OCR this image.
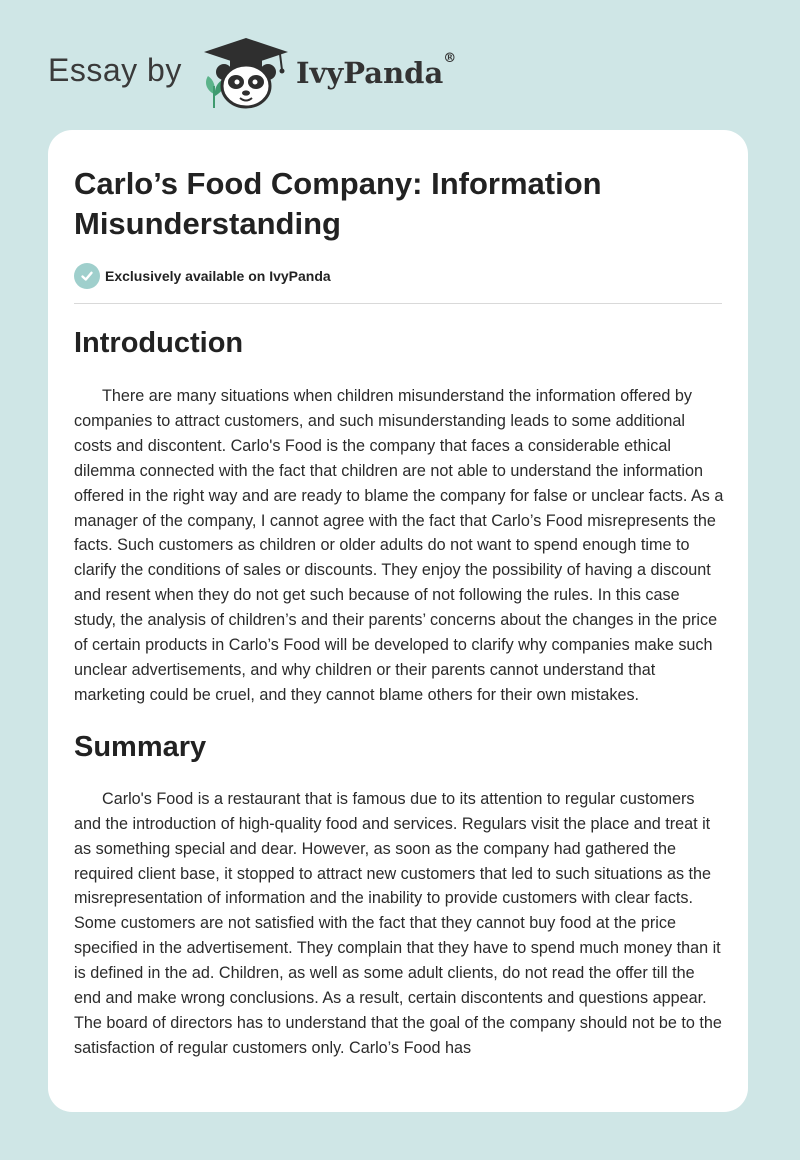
Essay by	IvyPanda®
Carlo’s Food Company: Information Misunderstanding
Exclusively available on IvyPanda
Introduction

There are many situations when children misunderstand the information offered by companies to attract customers, and such misunderstanding leads to some additional costs and discontent. Carlo's Food is the company that faces a considerable ethical dilemma connected with the fact that children are not able to understand the information offered in the right way and are ready to blame the company for false or unclear facts. As a manager of the company, I cannot agree with the fact that Carlo’s Food misrepresents the facts. Such customers as children or older adults do not want to spend enough time to clarify the conditions of sales or discounts. They enjoy the possibility of having a discount and resent when they do not get such because of not following the rules. In this case study, the analysis of children’s and their parents’ concerns about the changes in the price of certain products in Carlo’s Food will be developed to clarify why companies make such unclear advertisements, and why children or their parents cannot understand that marketing could be cruel, and they cannot blame others for their own mistakes.

Summary

Carlo's Food is a restaurant that is famous due to its attention to regular customers and the introduction of high-quality food and services. Regulars visit the place and treat it as something special and dear. However, as soon as the company had gathered the required client base, it stopped to attract new customers that led to such situations as the misrepresentation of information and the inability to provide customers with clear facts. Some customers are not satisfied with the fact that they cannot buy food at the price specified in the advertisement. They complain that they have to spend much money than it is defined in the ad. Children, as well as some adult clients, do not read the offer till the end and make wrong conclusions. As a result, certain discontents and questions appear. The board of directors has to understand that the goal of the company should not be to the satisfaction of regular customers only. Carlo’s Food has
